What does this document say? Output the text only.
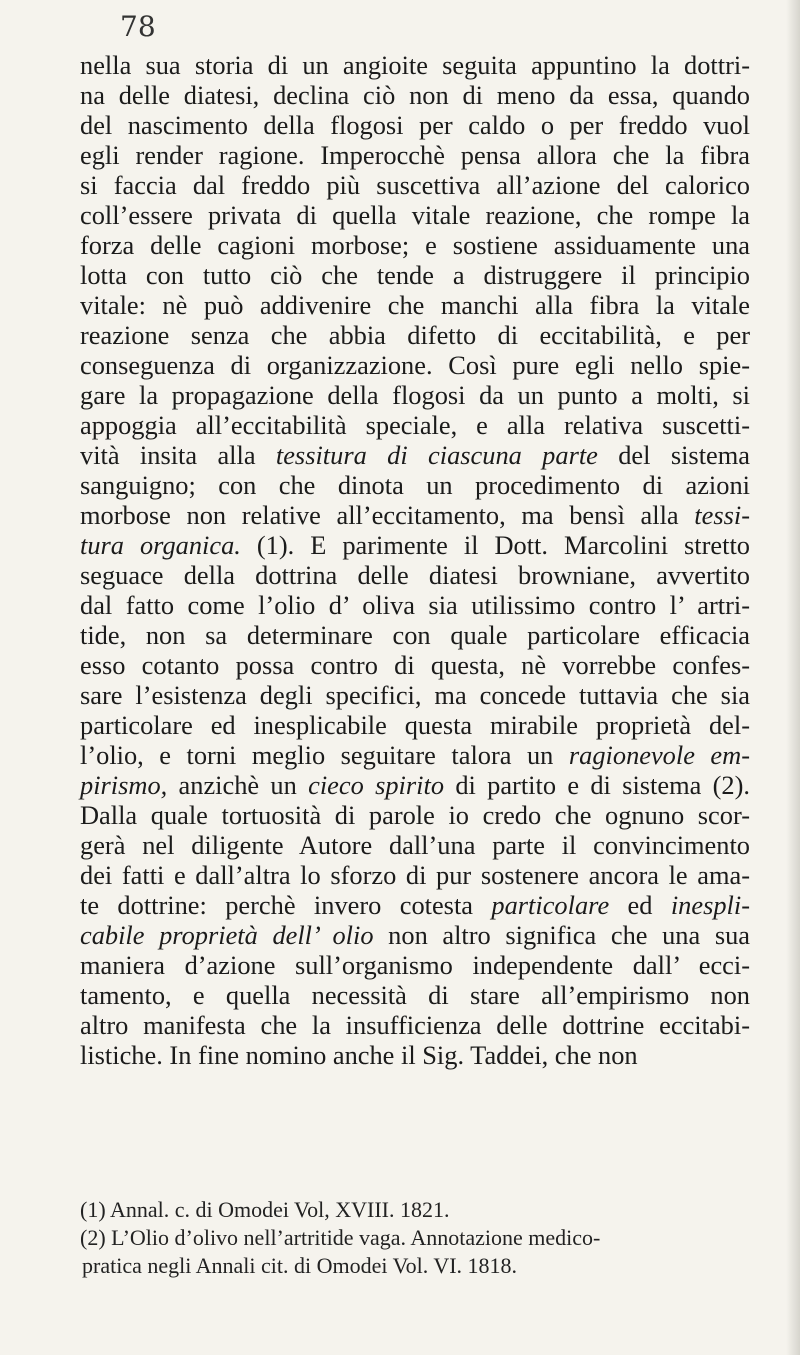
78
nella sua storia di un angioite seguita appuntino la dottri-
na delle diatesi, declina ciò non di meno da essa, quando
del nascimento della flogosi per caldo o per freddo vuol
egli render ragione. Imperocchè pensa allora che la fibra
si faccia dal freddo più suscettiva all’azione del calorico
coll’essere privata di quella vitale reazione, che rompe la
forza delle cagioni morbose; e sostiene assiduamente una
lotta con tutto ciò che tende a distruggere il principio
vitale: nè può addivenire che manchi alla fibra la vitale
reazione senza che abbia difetto di eccitabilità, e per
conseguenza di organizzazione. Così pure egli nello spie-
gare la propagazione della flogosi da un punto a molti, si
appoggia all’eccitabilità speciale, e alla relativa suscetti-
vità insita alla tessitura di ciascuna parte del sistema
sanguigno; con che dinota un procedimento di azioni
morbose non relative all’eccitamento, ma bensì alla tessi-
tura organica. (1). E parimente il Dott. Marcolini stretto
seguace della dottrina delle diatesi browniane, avvertito
dal fatto come l’olio d’ oliva sia utilissimo contro l’ artri-
tide, non sa determinare con quale particolare efficacia
esso cotanto possa contro di questa, nè vorrebbe confes-
sare l’esistenza degli specifici, ma concede tuttavia che sia
particolare ed inesplicabile questa mirabile proprietà del-
l’olio, e torni meglio seguitare talora un ragionevole em-
pirismo, anzichè un cieco spirito di partito e di sistema (2).
Dalla quale tortuosità di parole io credo che ognuno scor-
gerà nel diligente Autore dall’una parte il convincimento
dei fatti e dall’altra lo sforzo di pur sostenere ancora le ama-
te dottrine: perchè invero cotesta particolare ed inespli-
cabile proprietà dell’ olio non altro significa che una sua
maniera d’azione sull’organismo independente dall’ ecci-
tamento, e quella necessità di stare all’empirismo non
altro manifesta che la insufficienza delle dottrine eccitabi-
listiche. In fine nomino anche il Sig. Taddei, che non
(1) Annal. c. di Omodei Vol, XVIII. 1821.
(2) L’Olio d’olivo nell’artritide vaga. Annotazione medico-
pratica negli Annali cit. di Omodei Vol. VI. 1818.
